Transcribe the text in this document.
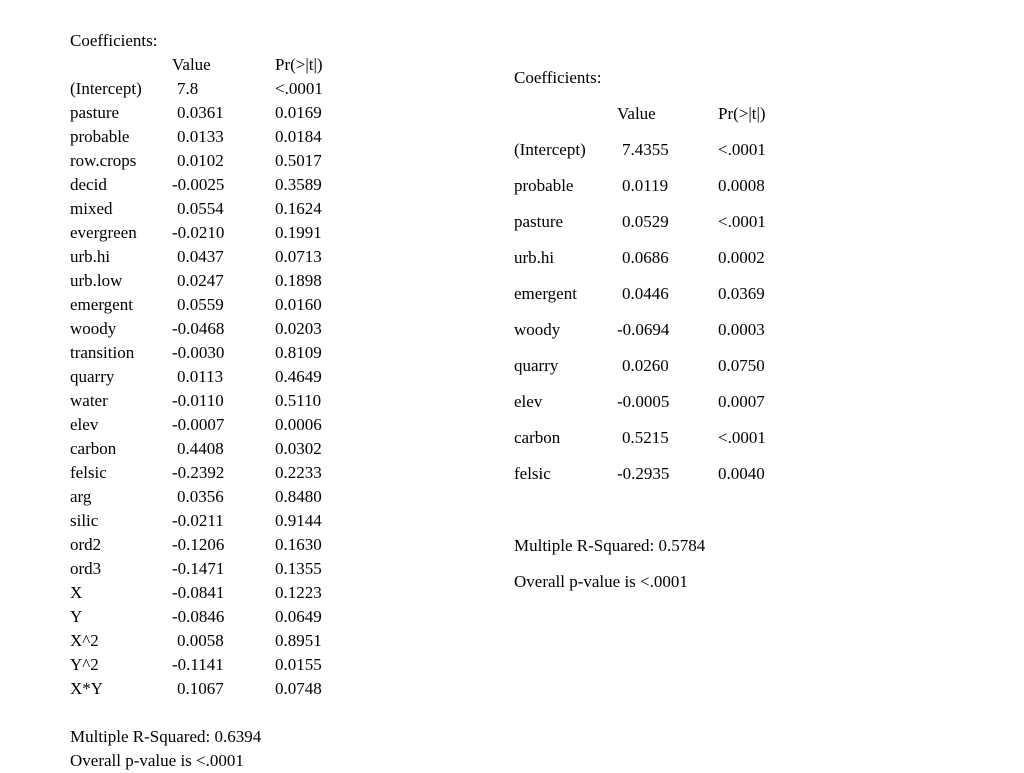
Coefficients:
Value	Pr(>|t|)
(Intercept) 7.8	<.0001
pasture	0.0361	0.0169
probable	0.0133	0.0184
row.crops 0.0102	0.5017
decid	-0.0025	0.3589
mixed	0.0554	0.1624
evergreen -0.0210	0.1991
urb.hi	0.0437	0.0713
urb.low	0.0247	0.1898
emergent	0.0559	0.0160
woody	-0.0468	0.0203
transition -0.0030	0.8109
quarry	0.0113	0.4649
water	-0.0110	0.5110
elev	-0.0007	0.0006
carbon	0.4408	0.0302
felsic	-0.2392	0.2233
arg	0.0356	0.8480
silic	-0.0211	0.9144
ord2	-0.1206	0.1630
ord3	-0.1471	0.1355
X	-0.0841	0.1223
Y	-0.0846	0.0649
X^2	0.0058	0.8951
Y^2	-0.1141	0.0155
X*Y	0.1067	0.0748
Multiple R-Squared: 0.6394
Overall p-value is <.0001
Coefficients:
Value	Pr(>|t|)
(Intercept) 7.4355	<.0001
probable	0.0119	0.0008
pasture	0.0529	<.0001
urb.hi	0.0686	0.0002
emergent	0.0446	0.0369
woody	-0.0694	0.0003
quarry	0.0260	0.0750
elev	-0.0005	0.0007
carbon	0.5215	<.0001
felsic	-0.2935	0.0040
Multiple R-Squared: 0.5784
Overall p-value is <.0001
